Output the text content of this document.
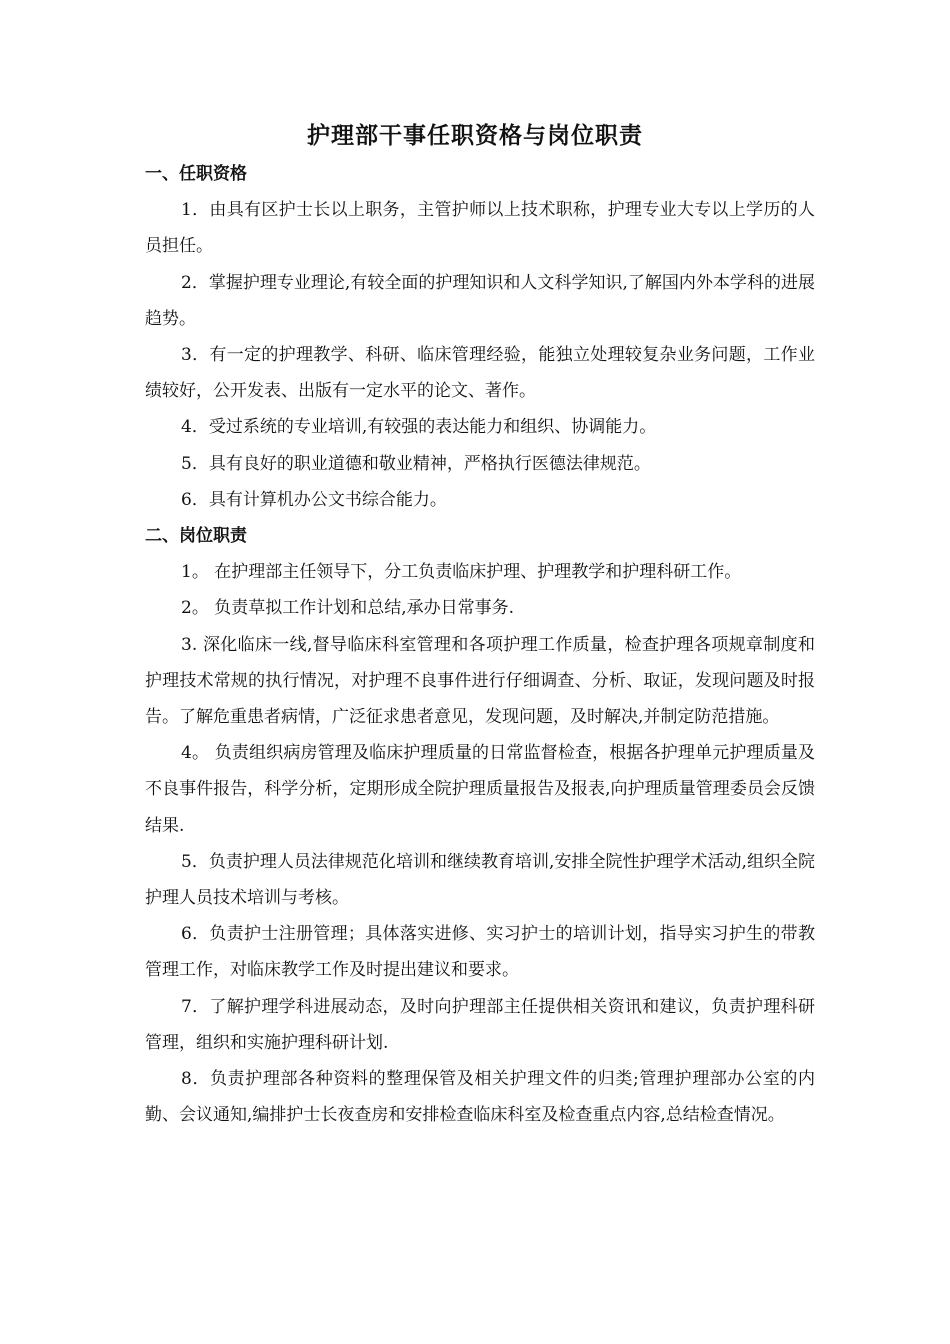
护理部干事任职资格与岗位职责
一、任职资格

1．由具有区护士长以上职务，主管护师以上技术职称，护理专业大专以上学历的人员担任。

2．掌握护理专业理论,有较全面的护理知识和人文科学知识,了解国内外本学科的进展趋势。

3．有一定的护理教学、科研、临床管理经验，能独立处理较复杂业务问题，工作业绩较好，公开发表、出版有一定水平的论文、著作。

4．受过系统的专业培训,有较强的表达能力和组织、协调能力。

5．具有良好的职业道德和敬业精神，严格执行医德法律规范。

6．具有计算机办公文书综合能力。

二、岗位职责

1。 在护理部主任领导下，分工负责临床护理、护理教学和护理科研工作。

2。 负责草拟工作计划和总结,承办日常事务.

3. 深化临床一线,督导临床科室管理和各项护理工作质量，检查护理各项规章制度和护理技术常规的执行情况，对护理不良事件进行仔细调查、分析、取证，发现问题及时报告。了解危重患者病情，广泛征求患者意见，发现问题，及时解决,并制定防范措施。

4。 负责组织病房管理及临床护理质量的日常监督检查，根据各护理单元护理质量及不良事件报告，科学分析，定期形成全院护理质量报告及报表,向护理质量管理委员会反馈结果.

5．负责护理人员法律规范化培训和继续教育培训,安排全院性护理学术活动,组织全院护理人员技术培训与考核。

6．负责护士注册管理；具体落实进修、实习护士的培训计划，指导实习护生的带教管理工作，对临床教学工作及时提出建议和要求。

7．了解护理学科进展动态，及时向护理部主任提供相关资讯和建议，负责护理科研管理，组织和实施护理科研计划.

8．负责护理部各种资料的整理保管及相关护理文件的归类;管理护理部办公室的内勤、会议通知,编排护士长夜查房和安排检查临床科室及检查重点内容,总结检查情况。
